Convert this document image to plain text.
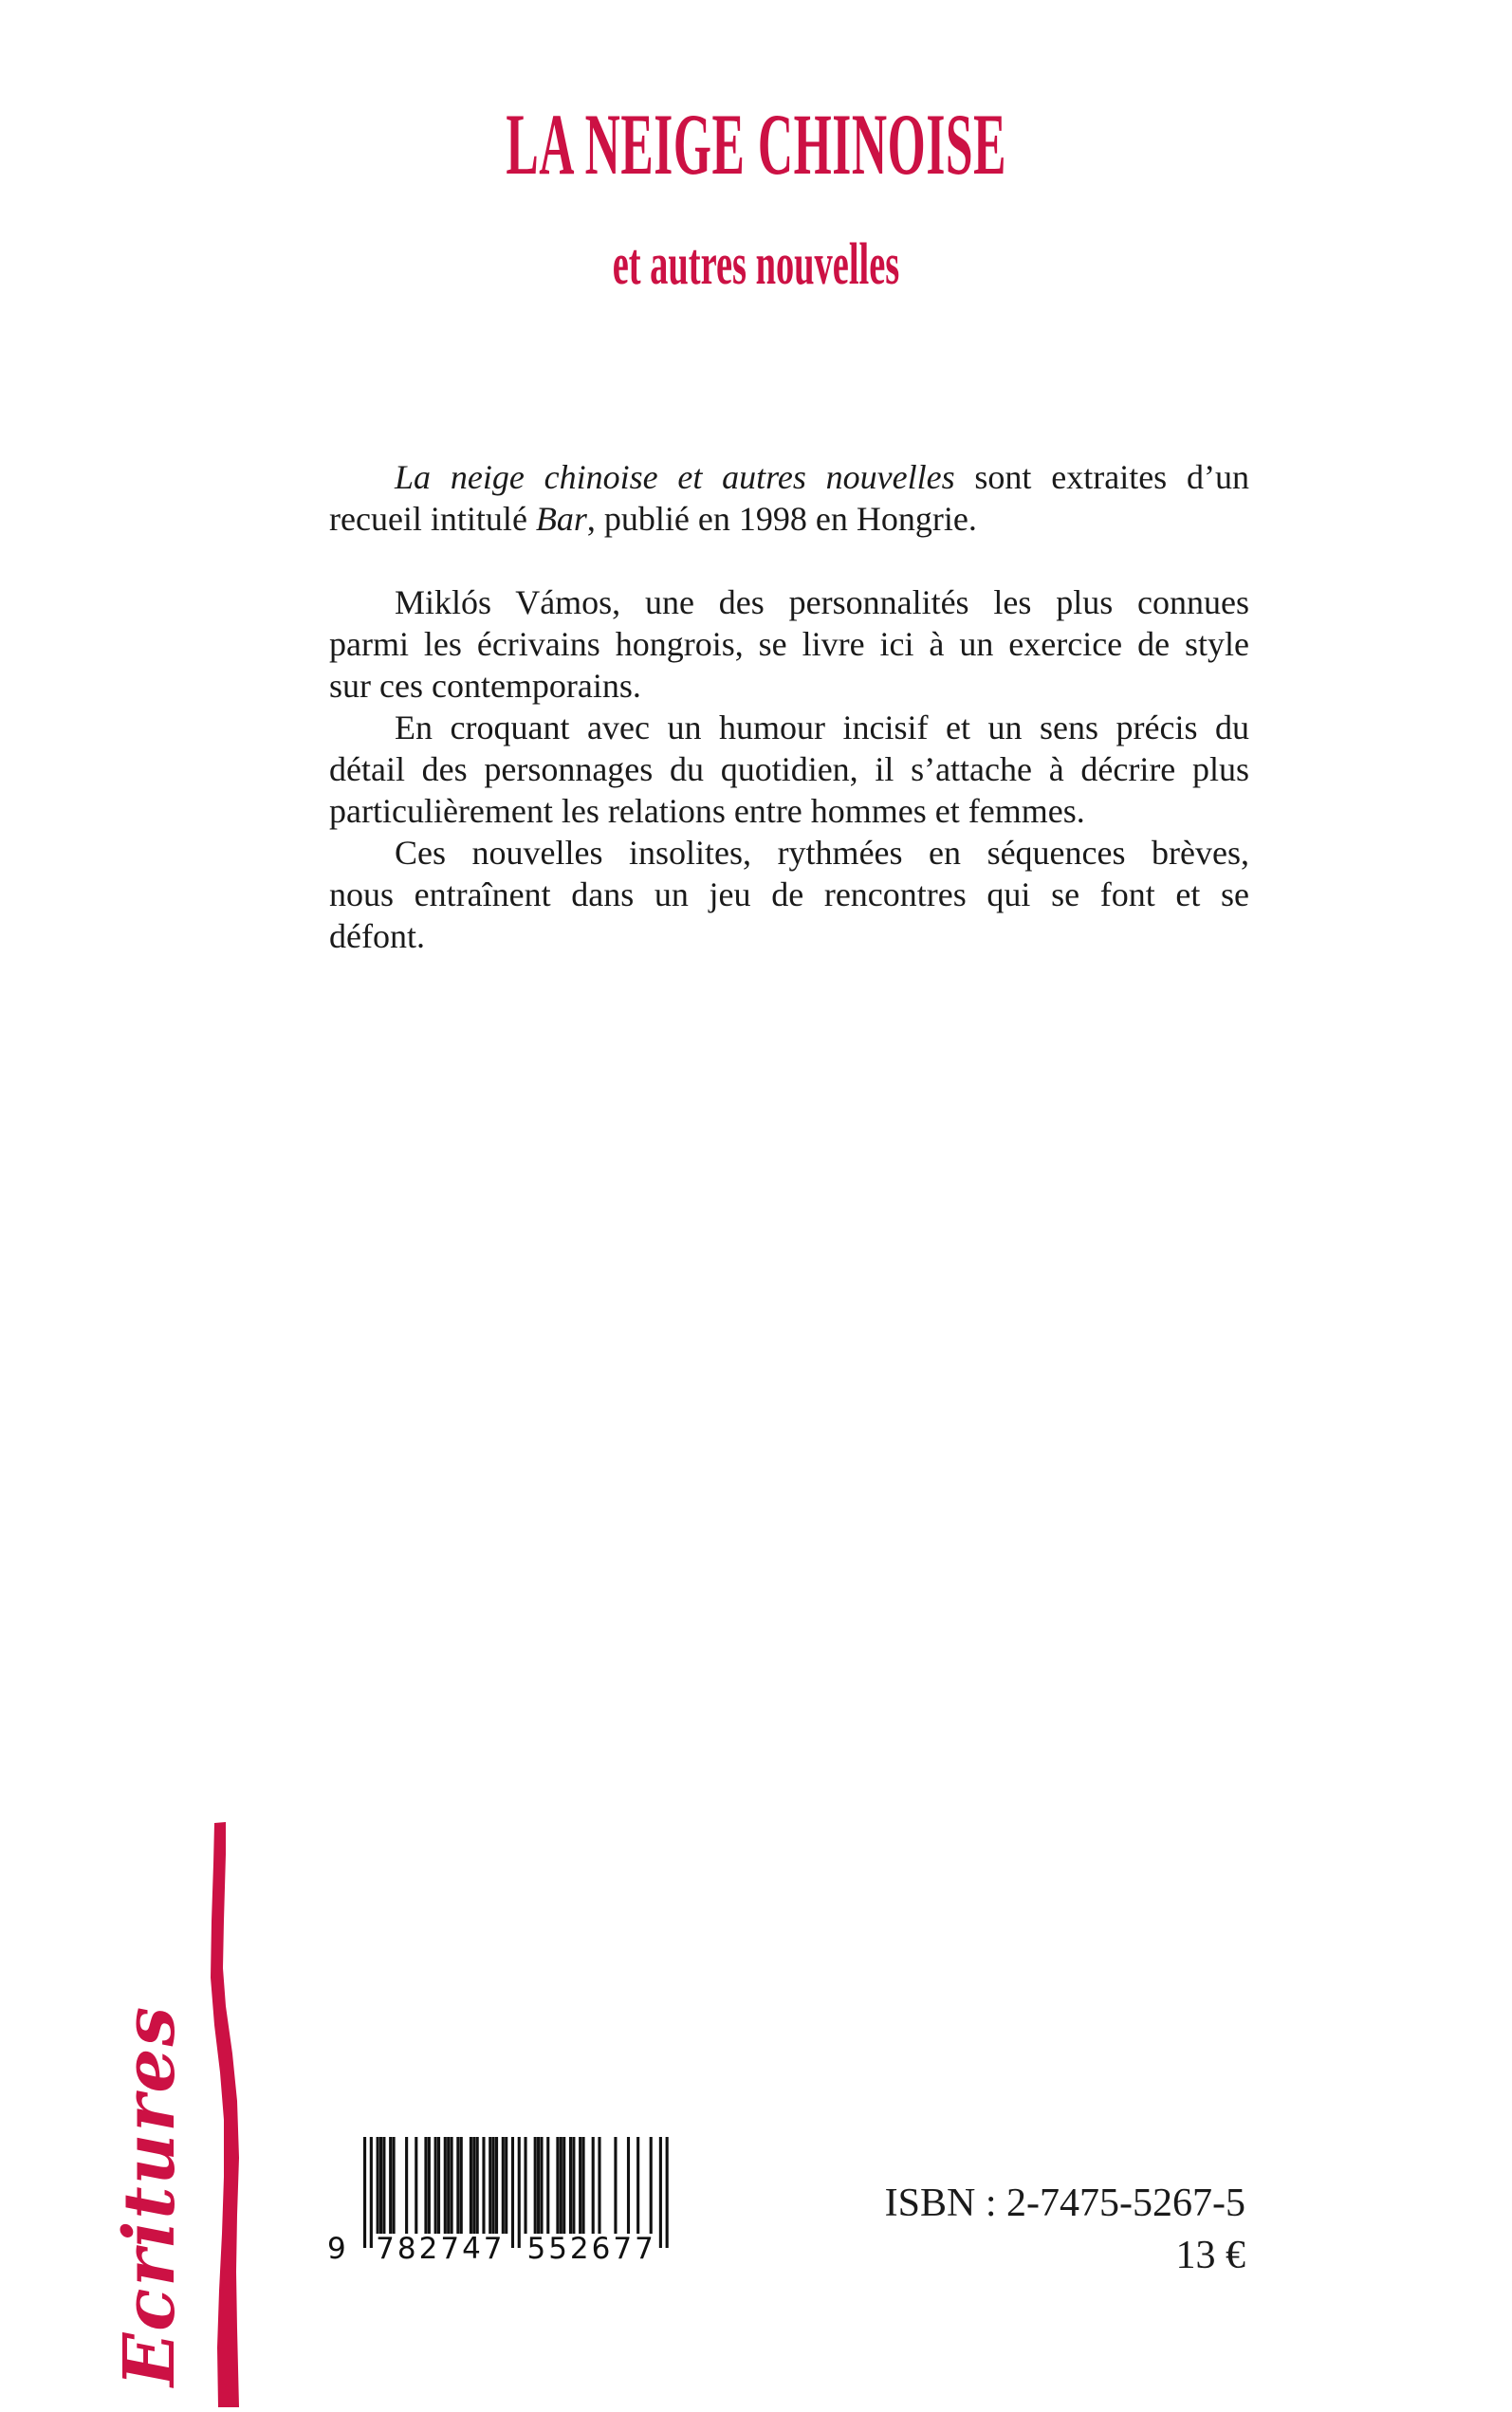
LA NEIGE CHINOISE
et autres nouvelles
La neige chinoise et autres nouvelles sont extraites d’un
recueil intitulé Bar, publié en 1998 en Hongrie.
Miklós Vámos, une des personnalités les plus connues
parmi les écrivains hongrois, se livre ici à un exercice de style
sur ces contemporains.
En croquant avec un humour incisif et un sens précis du
détail des personnages du quotidien, il s’attache à décrire plus
particulièrement les relations entre hommes et femmes.
Ces nouvelles insolites, rythmées en séquences brèves,
nous entraînent dans un jeu de rencontres qui se font et se
défont.
Ecritures	9 782747 552677
ISBN : 2-7475-5267-5
13 €
